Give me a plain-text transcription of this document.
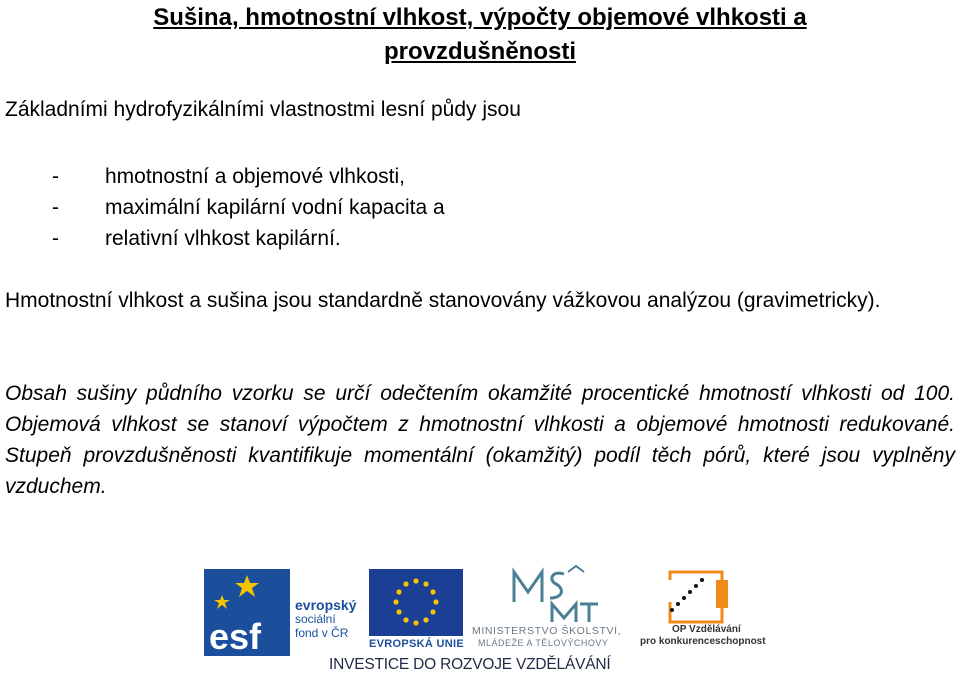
Sušina, hmotnostní vlhkost, výpočty objemové vlhkosti a
provzdušněnosti
Základními hydrofyzikálními vlastnostmi lesní půdy jsou
-	hmotnostní a objemové vlhkosti,
-	maximální kapilární vodní kapacita a
-	relativní vlhkost kapilární.

Hmotnostní vlhkost a sušina jsou standardně stanovovány vážkovou analýzou (gravimetricky).

Obsah sušiny půdního vzorku se určí odečtením okamžité procentické hmotností vlhkosti od 100. Objemová vlhkost se stanoví výpočtem z hmotnostní vlhkosti a objemové hmotnosti redukované. Stupeň provzdušněnosti kvantifikuje momentální (okamžitý) podíl těch pórů, které jsou vyplněny vzduchem.

esf
evropský
sociální
fond v ČR
EVROPSKÁ UNIE
MINISTERSTVO ŠKOLSTVÍ,
MLÁDEŽE A TĚLOVÝCHOVY
OP Vzdělávání
pro konkurenceschopnost
INVESTICE DO ROZVOJE VZDĚLÁVÁNÍ
